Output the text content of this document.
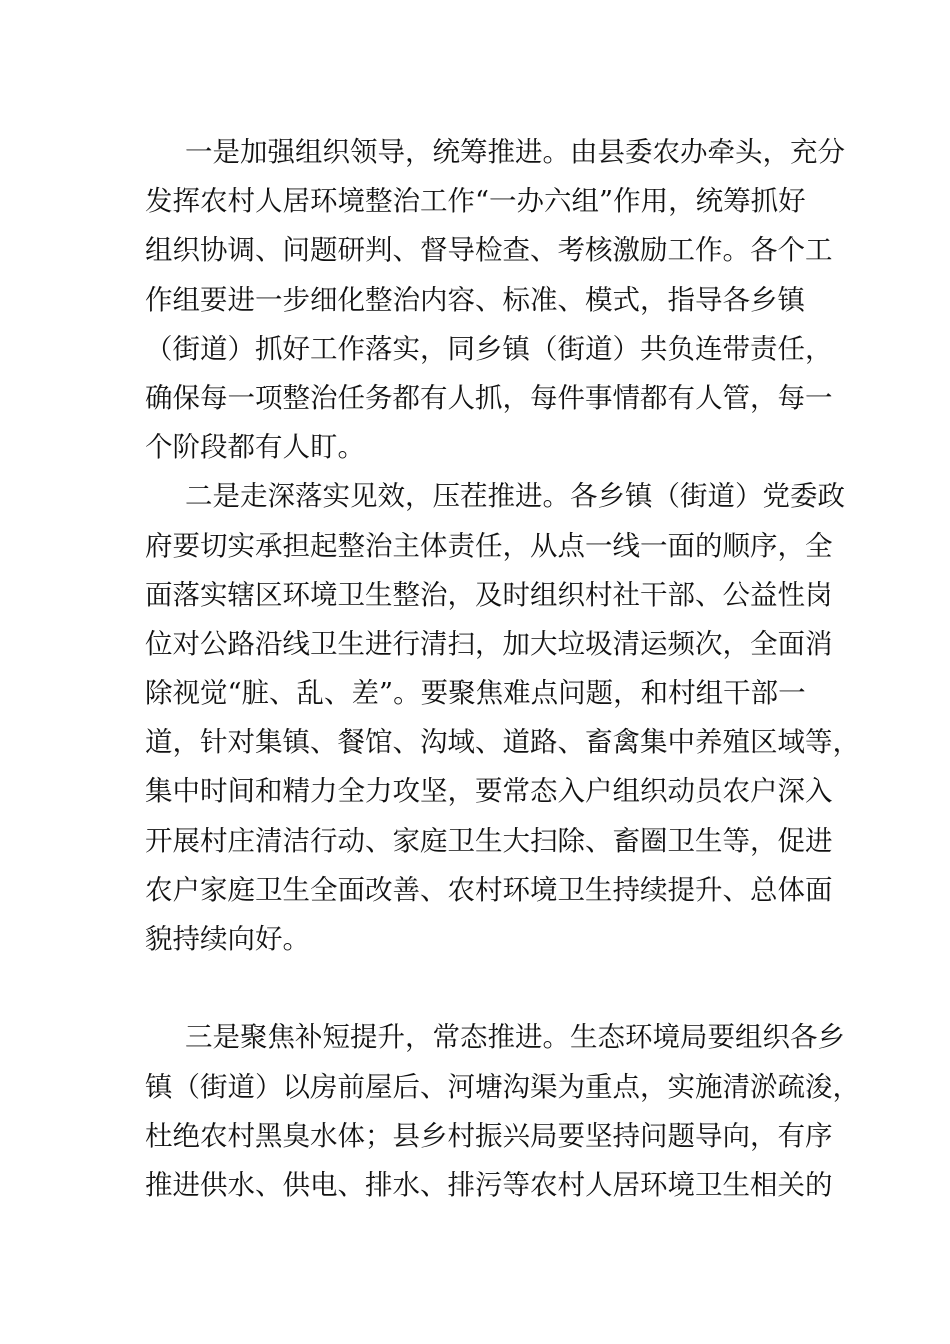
一是加强组织领导，统筹推进。由县委农办牵头，充分
发挥农村人居环境整治工作“一办六组”作用，统筹抓好
组织协调、问题研判、督导检查、考核激励工作。各个工
作组要进一步细化整治内容、标准、模式，指导各乡镇
（街道）抓好工作落实，同乡镇（街道）共负连带责任，
确保每一项整治任务都有人抓，每件事情都有人管，每一
个阶段都有人盯。
二是走深落实见效，压茬推进。各乡镇（街道）党委政
府要切实承担起整治主体责任，从点一线一面的顺序，全
面落实辖区环境卫生整治，及时组织村社干部、公益性岗
位对公路沿线卫生进行清扫，加大垃圾清运频次，全面消
除视觉“脏、乱、差”。要聚焦难点问题，和村组干部一
道，针对集镇、餐馆、沟域、道路、畜禽集中养殖区域等，
集中时间和精力全力攻坚，要常态入户组织动员农户深入
开展村庄清洁行动、家庭卫生大扫除、畜圈卫生等，促进
农户家庭卫生全面改善、农村环境卫生持续提升、总体面
貌持续向好。
三是聚焦补短提升，常态推进。生态环境局要组织各乡
镇（街道）以房前屋后、河塘沟渠为重点，实施清淤疏浚，
杜绝农村黑臭水体；县乡村振兴局要坚持问题导向，有序
推进供水、供电、排水、排污等农村人居环境卫生相关的
